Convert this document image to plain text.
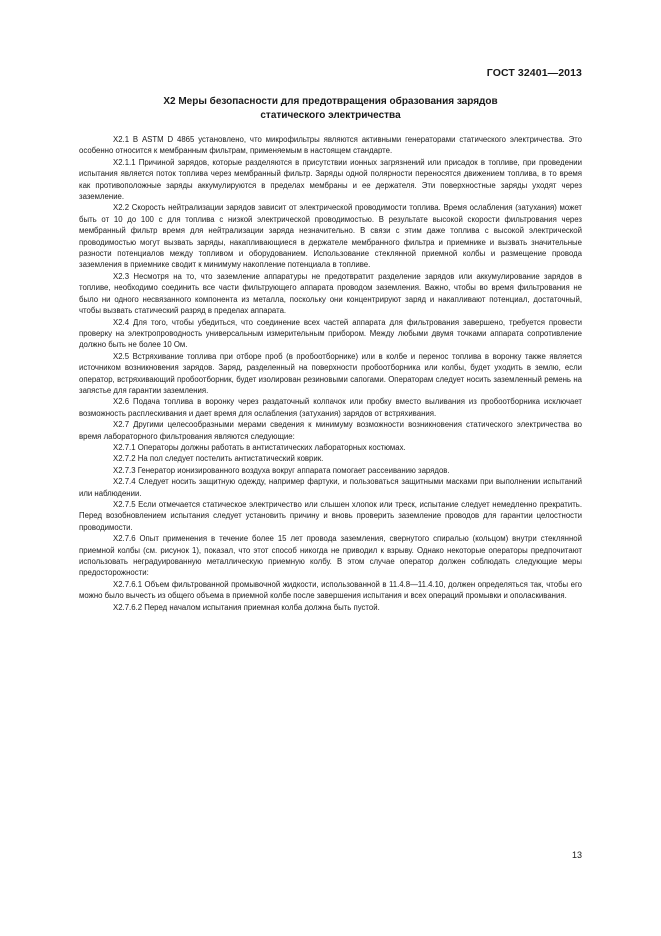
ГОСТ 32401—2013
X2 Меры безопасности для предотвращения образования зарядов
статического электричества

X2.1 В ASTM D 4865 установлено, что микрофильтры являются активными генераторами статического электричества. Это особенно относится к мембранным фильтрам, применяемым в настоящем стандарте.

X2.1.1 Причиной зарядов, которые разделяются в присутствии ионных загрязнений или присадок в топливе, при проведении испытания является поток топлива через мембранный фильтр. Заряды одной полярности переносятся движением топлива, в то время как противоположные заряды аккумулируются в пределах мембраны и ее держателя. Эти поверхностные заряды уходят через заземление.

X2.2 Скорость нейтрализации зарядов зависит от электрической проводимости топлива. Время ослабления (затухания) может быть от 10 до 100 с для топлива с низкой электрической проводимостью. В результате высокой скорости фильтрования через мембранный фильтр время для нейтрализации заряда незначительно. В связи с этим даже топлива с высокой электрической проводимостью могут вызвать заряды, накапливающиеся в держателе мембранного фильтра и приемнике и вызвать значительные разности потенциалов между топливом и оборудованием. Использование стеклянной приемной колбы и размещение провода заземления в приемнике сводит к минимуму накопление потенциала в топливе.

X2.3 Несмотря на то, что заземление аппаратуры не предотвратит разделение зарядов или аккумулирование зарядов в топливе, необходимо соединить все части фильтрующего аппарата проводом заземления. Важно, чтобы во время фильтрования не было ни одного несвязанного компонента из металла, поскольку они концентрируют заряд и накапливают потенциал, достаточный, чтобы вызвать статический разряд в пределах аппарата.

X2.4 Для того, чтобы убедиться, что соединение всех частей аппарата для фильтрования завершено, требуется провести проверку на электропроводность универсальным измерительным прибором. Между любыми двумя точками аппарата сопротивление должно быть не более 10 Ом.

X2.5 Встряхивание топлива при отборе проб (в пробоотборнике) или в колбе и перенос топлива в воронку также является источником возникновения зарядов. Заряд, разделенный на поверхности пробоотборника или колбы, будет уходить в землю, если оператор, встряхивающий пробоотборник, будет изолирован резиновыми сапогами. Операторам следует носить заземленный ремень на запястье для гарантии заземления.

X2.6 Подача топлива в воронку через раздаточный колпачок или пробку вместо выливания из пробоотборника исключает возможность расплескивания и дает время для ослабления (затухания) зарядов от встряхивания.

X2.7 Другими целесообразными мерами сведения к минимуму возможности возникновения статического электричества во время лабораторного фильтрования являются следующие:

X2.7.1 Операторы должны работать в антистатических лабораторных костюмах.

X2.7.2 На пол следует постелить антистатический коврик.

X2.7.3 Генератор ионизированного воздуха вокруг аппарата помогает рассеиванию зарядов.

X2.7.4 Следует носить защитную одежду, например фартуки, и пользоваться защитными масками при выполнении испытаний или наблюдении.

X2.7.5 Если отмечается статическое электричество или слышен хлопок или треск, испытание следует немедленно прекратить. Перед возобновлением испытания следует установить причину и вновь проверить заземление проводов для гарантии целостности проводимости.

X2.7.6 Опыт применения в течение более 15 лет провода заземления, свернутого спиралью (кольцом) внутри стеклянной приемной колбы (см. рисунок 1), показал, что этот способ никогда не приводил к взрыву. Однако некоторые операторы предпочитают использовать неградуированную металлическую приемную колбу. В этом случае оператор должен соблюдать следующие меры предосторожности:

X2.7.6.1 Объем фильтрованной промывочной жидкости, использованной в 11.4.8—11.4.10, должен определяться так, чтобы его можно было вычесть из общего объема в приемной колбе после завершения испытания и всех операций промывки и ополаскивания.

X2.7.6.2 Перед началом испытания приемная колба должна быть пустой.

13
